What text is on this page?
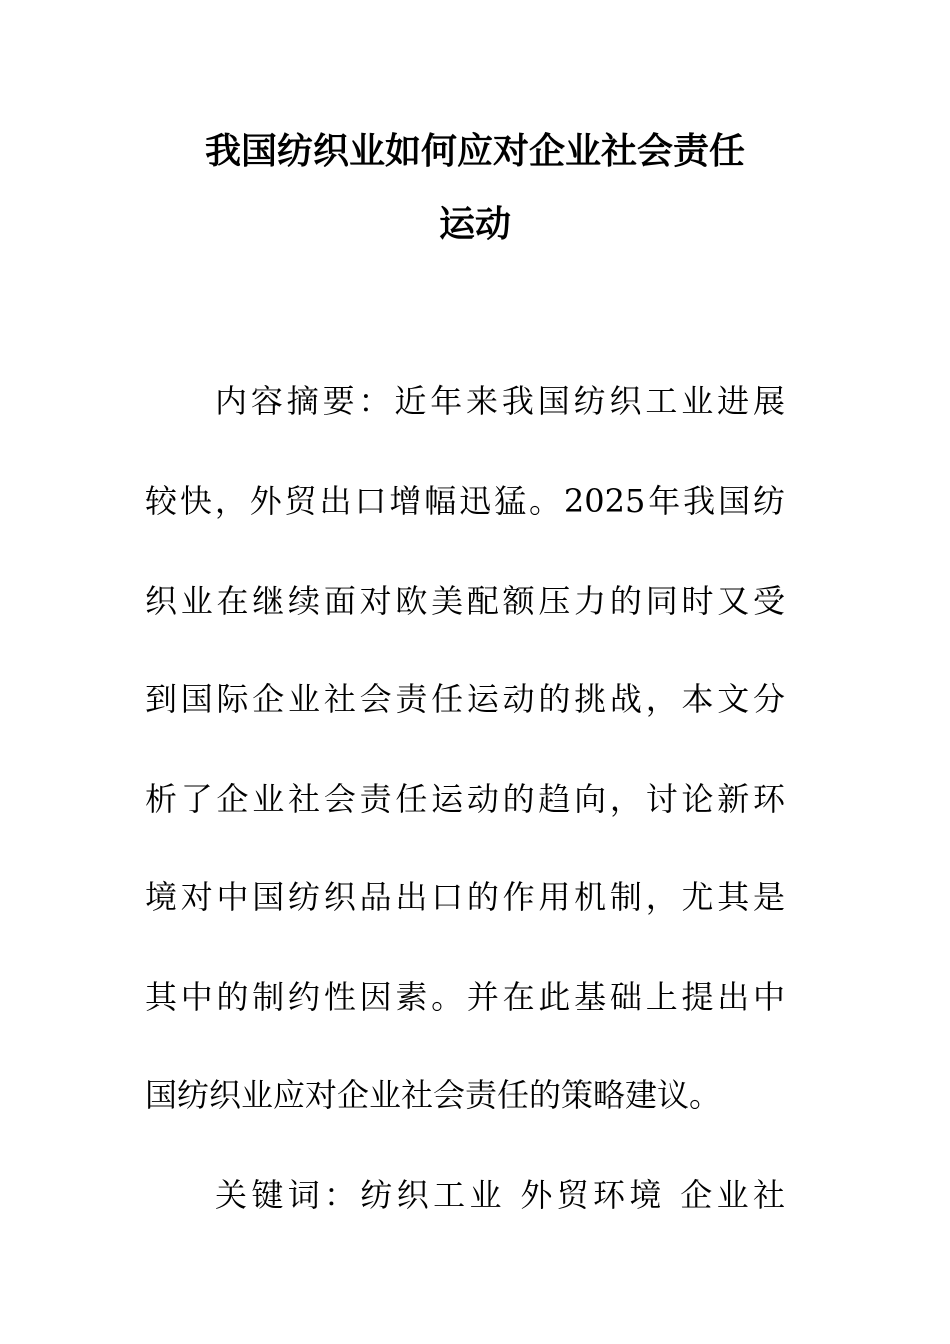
我国纺织业如何应对企业社会责任
运动
内容摘要：近年来我国纺织工业进展
较快，外贸出口增幅迅猛。2025年我国纺
织业在继续面对欧美配额压力的同时又受
到国际企业社会责任运动的挑战，本文分
析了企业社会责任运动的趋向，讨论新环
境对中国纺织品出口的作用机制，尤其是
其中的制约性因素。并在此基础上提出中
国纺织业应对企业社会责任的策略建议。
关键词：纺织工业 外贸环境 企业社
